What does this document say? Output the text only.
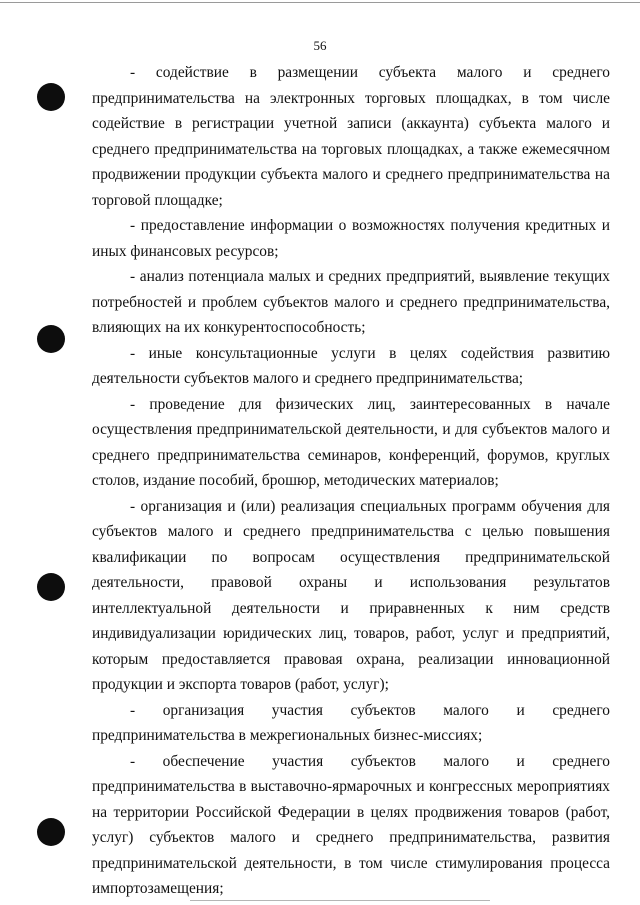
56

- содействие в размещении субъекта малого и среднего предпринимательства на электронных торговых площадках, в том числе содействие в регистрации учетной записи (аккаунта) субъекта малого и среднего предпринимательства на торговых площадках, а также ежемесячном продвижении продукции субъекта малого и среднего предпринимательства на торговой площадке;

- предоставление информации о возможностях получения кредитных и иных финансовых ресурсов;

- анализ потенциала малых и средних предприятий, выявление текущих потребностей и проблем субъектов малого и среднего предпринимательства, влияющих на их конкурентоспособность;

- иные консультационные услуги в целях содействия развитию деятельности субъектов малого и среднего предпринимательства;

- проведение для физических лиц, заинтересованных в начале осуществления предпринимательской деятельности, и для субъектов малого и среднего предпринимательства семинаров, конференций, форумов, круглых столов, издание пособий, брошюр, методических материалов;

- организация и (или) реализация специальных программ обучения для субъектов малого и среднего предпринимательства с целью повышения квалификации по вопросам осуществления предпринимательской деятельности, правовой охраны и использования результатов интеллектуальной деятельности и приравненных к ним средств индивидуализации юридических лиц, товаров, работ, услуг и предприятий, которым предоставляется правовая охрана, реализации инновационной продукции и экспорта товаров (работ, услуг);

- организация участия субъектов малого и среднего предпринимательства в межрегиональных бизнес-миссиях;

- обеспечение участия субъектов малого и среднего предпринимательства в выставочно-ярмарочных и конгрессных мероприятиях на территории Российской Федерации в целях продвижения товаров (работ, услуг) субъектов малого и среднего предпринимательства, развития предпринимательской деятельности, в том числе стимулирования процесса импортозамещения;
